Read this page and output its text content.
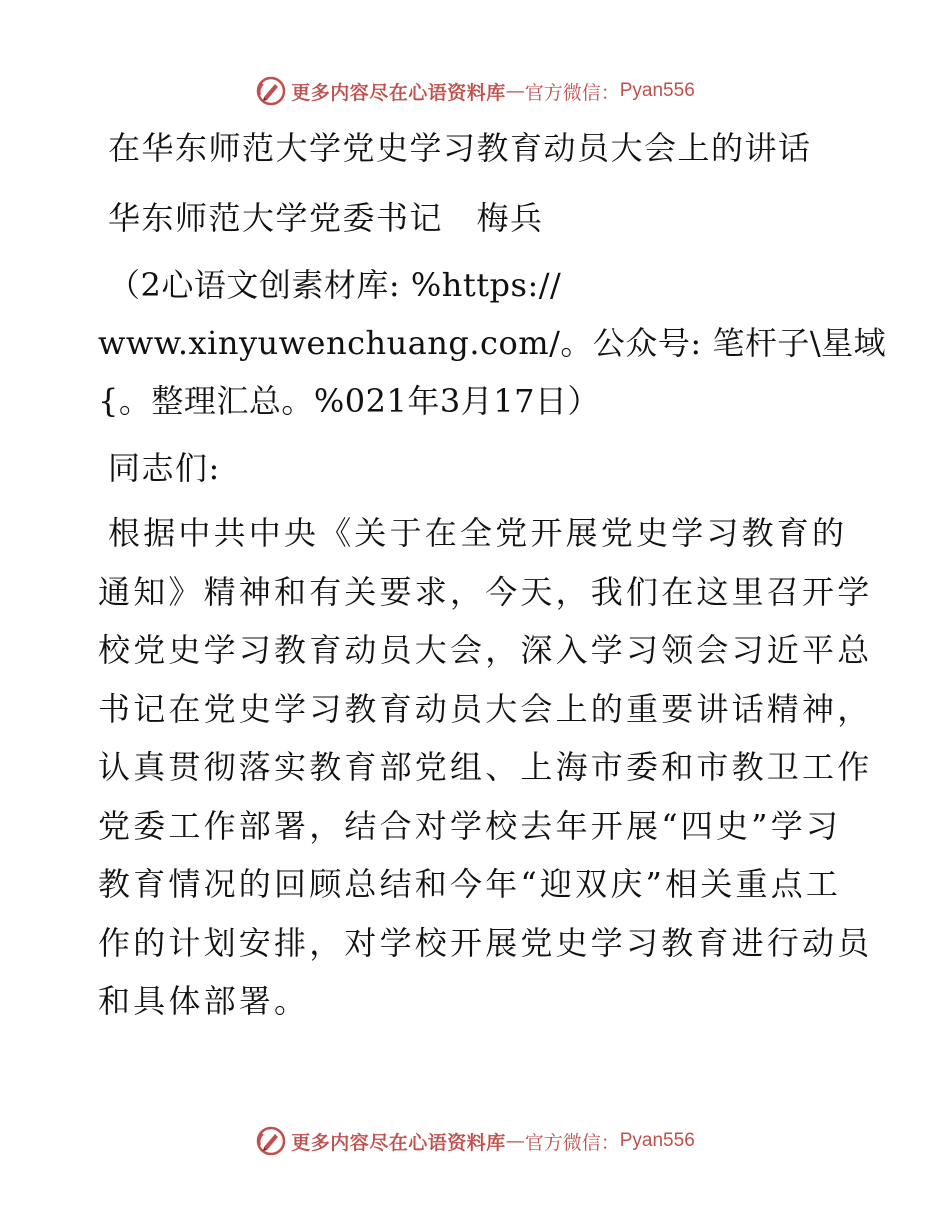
更多内容尽在心语资料库 — 官方微信： Pyan556
在华东师范大学党史学习教育动员大会上的讲话
华东师范大学党委书记　梅兵
（2心语文创素材库: %https://
www.xinyuwenchuang.com/。公众号: 笔杆子\星域
{。整理汇总。%021年3月17日）
同志们:
根据中共中央《关于在全党开展党史学习教育的
通知》精神和有关要求，今天，我们在这里召开学
校党史学习教育动员大会，深入学习领会习近平总
书记在党史学习教育动员大会上的重要讲话精神，
认真贯彻落实教育部党组、上海市委和市教卫工作
党委工作部署，结合对学校去年开展“四史”学习
教育情况的回顾总结和今年“迎双庆”相关重点工
作的计划安排，对学校开展党史学习教育进行动员
和具体部署。
更多内容尽在心语资料库 — 官方微信： Pyan556
